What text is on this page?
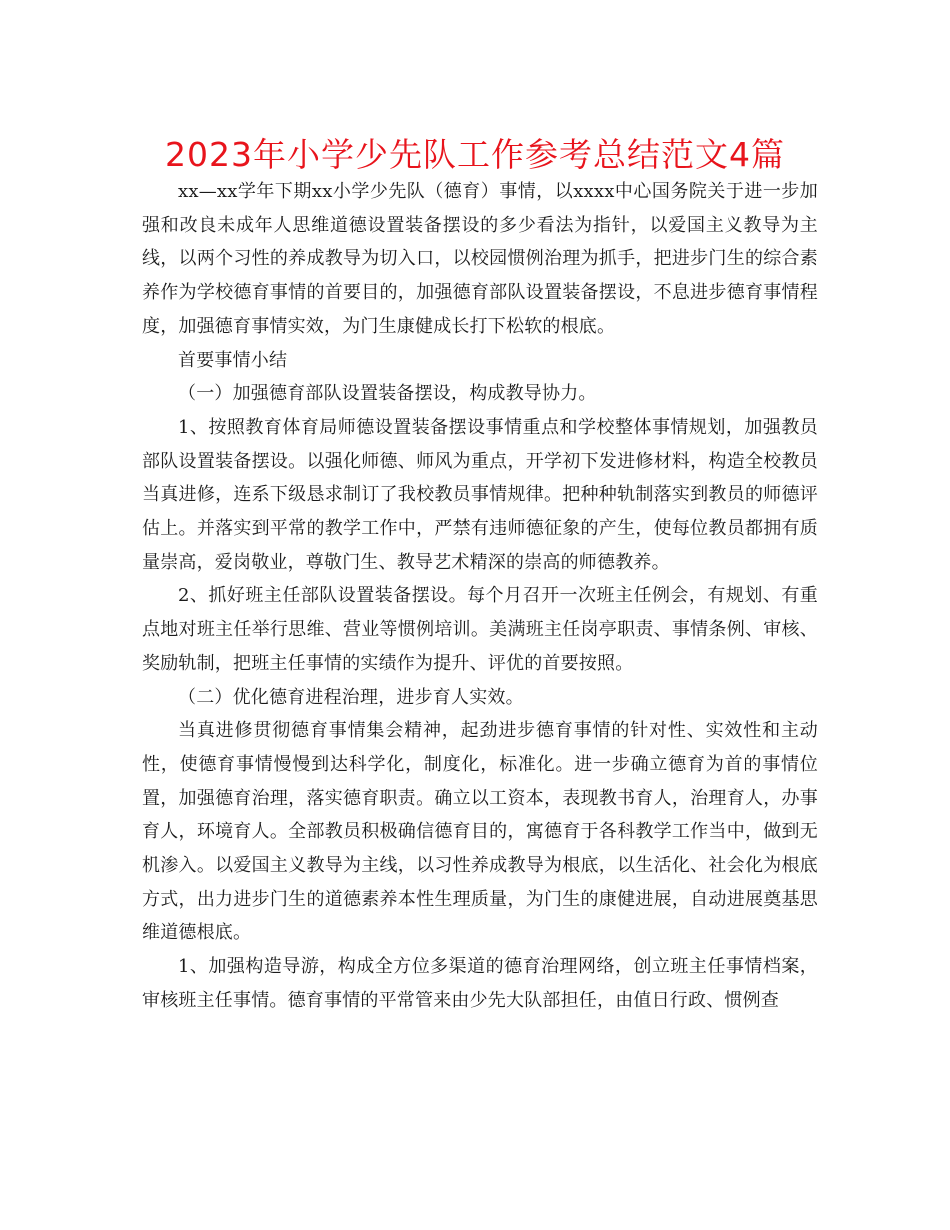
2023年小学少先队工作参考总结范文4篇

xx—xx学年下期xx小学少先队（德育）事情，以xxxx中心国务院关于进一步加强和改良未成年人思维道德设置装备摆设的多少看法为指针，以爱国主义教导为主线，以两个习性的养成教导为切入口，以校园惯例治理为抓手，把进步门生的综合素养作为学校德育事情的首要目的，加强德育部队设置装备摆设，不息进步德育事情程度，加强德育事情实效，为门生康健成长打下松软的根底。

首要事情小结

（一）加强德育部队设置装备摆设，构成教导协力。

1、按照教育体育局师德设置装备摆设事情重点和学校整体事情规划，加强教员部队设置装备摆设。以强化师德、师风为重点，开学初下发进修材料，构造全校教员当真进修，连系下级恳求制订了我校教员事情规律。把种种轨制落实到教员的师德评估上。并落实到平常的教学工作中，严禁有违师德征象的产生，使每位教员都拥有质量崇高，爱岗敬业，尊敬门生、教导艺术精深的崇高的师德教养。

2、抓好班主任部队设置装备摆设。每个月召开一次班主任例会，有规划、有重点地对班主任举行思维、营业等惯例培训。美满班主任岗亭职责、事情条例、审核、奖励轨制，把班主任事情的实绩作为提升、评优的首要按照。

（二）优化德育进程治理，进步育人实效。

当真进修贯彻德育事情集会精神，起劲进步德育事情的针对性、实效性和主动性，使德育事情慢慢到达科学化，制度化，标准化。进一步确立德育为首的事情位置，加强德育治理，落实德育职责。确立以工资本，表现教书育人，治理育人，办事育人，环境育人。全部教员积极确信德育目的，寓德育于各科教学工作当中，做到无机渗入。以爱国主义教导为主线，以习性养成教导为根底，以生活化、社会化为根底方式，出力进步门生的道德素养本性生理质量，为门生的康健进展，自动进展奠基思维道德根底。

1、加强构造导游，构成全方位多渠道的德育治理网络，创立班主任事情档案，审核班主任事情。德育事情的平常管来由少先大队部担任，由值日行政、惯例查
